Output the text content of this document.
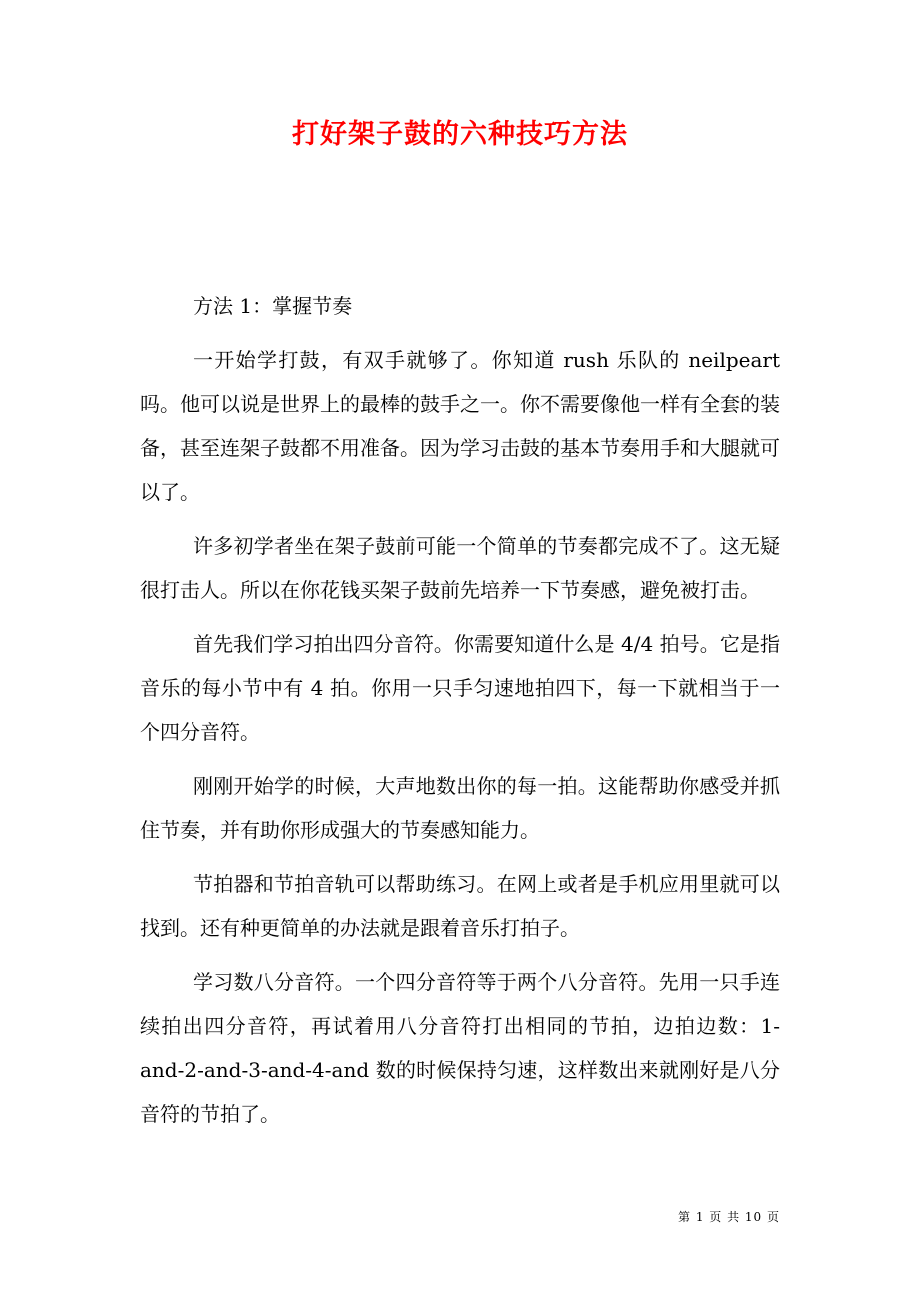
打好架子鼓的六种技巧方法

方法 1：掌握节奏

一开始学打鼓，有双手就够了。你知道 rush 乐队的 neilpeart 吗。他可以说是世界上的最棒的鼓手之一。你不需要像他一样有全套的装备，甚至连架子鼓都不用准备。因为学习击鼓的基本节奏用手和大腿就可以了。

许多初学者坐在架子鼓前可能一个简单的节奏都完成不了。这无疑很打击人。所以在你花钱买架子鼓前先培养一下节奏感，避免被打击。

首先我们学习拍出四分音符。你需要知道什么是 4/4 拍号。它是指音乐的每小节中有 4 拍。你用一只手匀速地拍四下，每一下就相当于一个四分音符。

刚刚开始学的时候，大声地数出你的每一拍。这能帮助你感受并抓住节奏，并有助你形成强大的节奏感知能力。

节拍器和节拍音轨可以帮助练习。在网上或者是手机应用里就可以找到。还有种更简单的办法就是跟着音乐打拍子。

学习数八分音符。一个四分音符等于两个八分音符。先用一只手连续拍出四分音符，再试着用八分音符打出相同的节拍，边拍边数：1-and-2-and-3-and-4-and 数的时候保持匀速，这样数出来就刚好是八分音符的节拍了。

第 1 页 共 10 页
